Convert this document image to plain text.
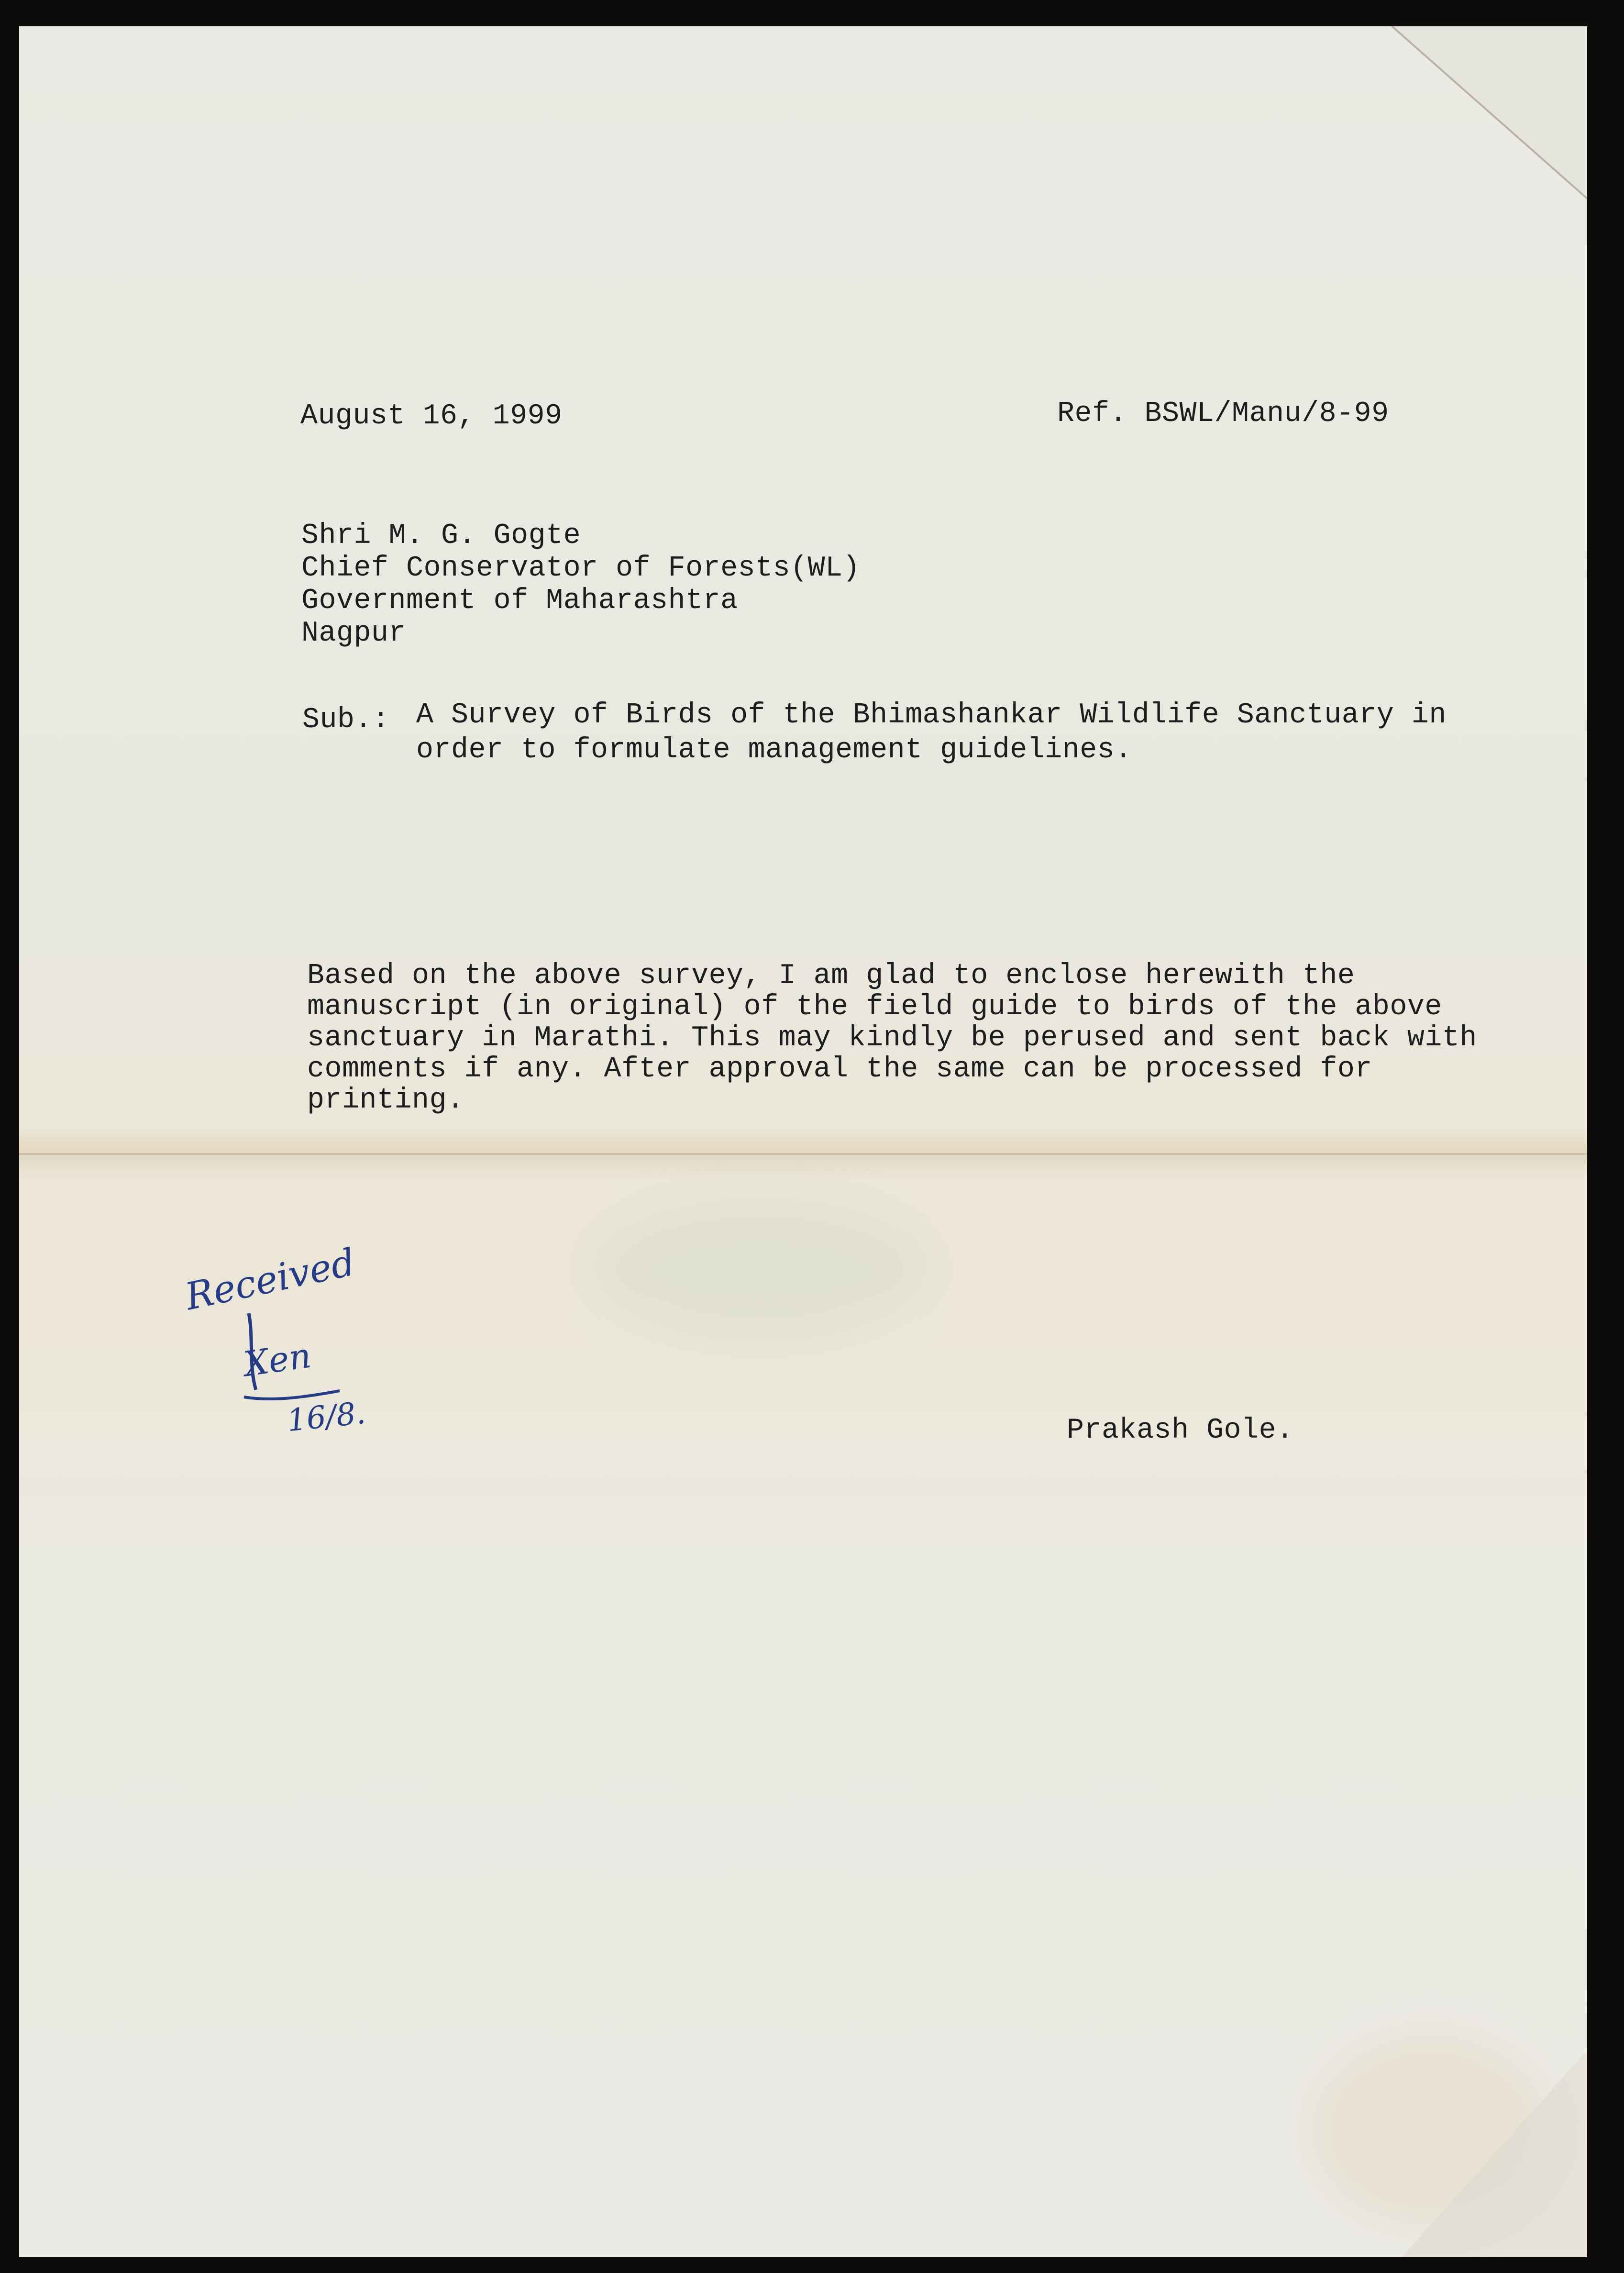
August 16, 1999	Ref. BSWL/Manu/8-99
Shri M. G. Gogte
Chief Conservator of Forests(WL)
Government of Maharashtra
Nagpur
Sub.: A Survey of Birds of the Bhimashankar Wildlife Sanctuary in
order to formulate management guidelines.
Based on the above survey, I am glad to enclose herewith the
manuscript (in original) of the field guide to birds of the above
sanctuary in Marathi. This may kindly be perused and sent back with
comments if any. After approval the same can be processed for
printing.
Prakash Gole.
Received
Xen
16/8.
